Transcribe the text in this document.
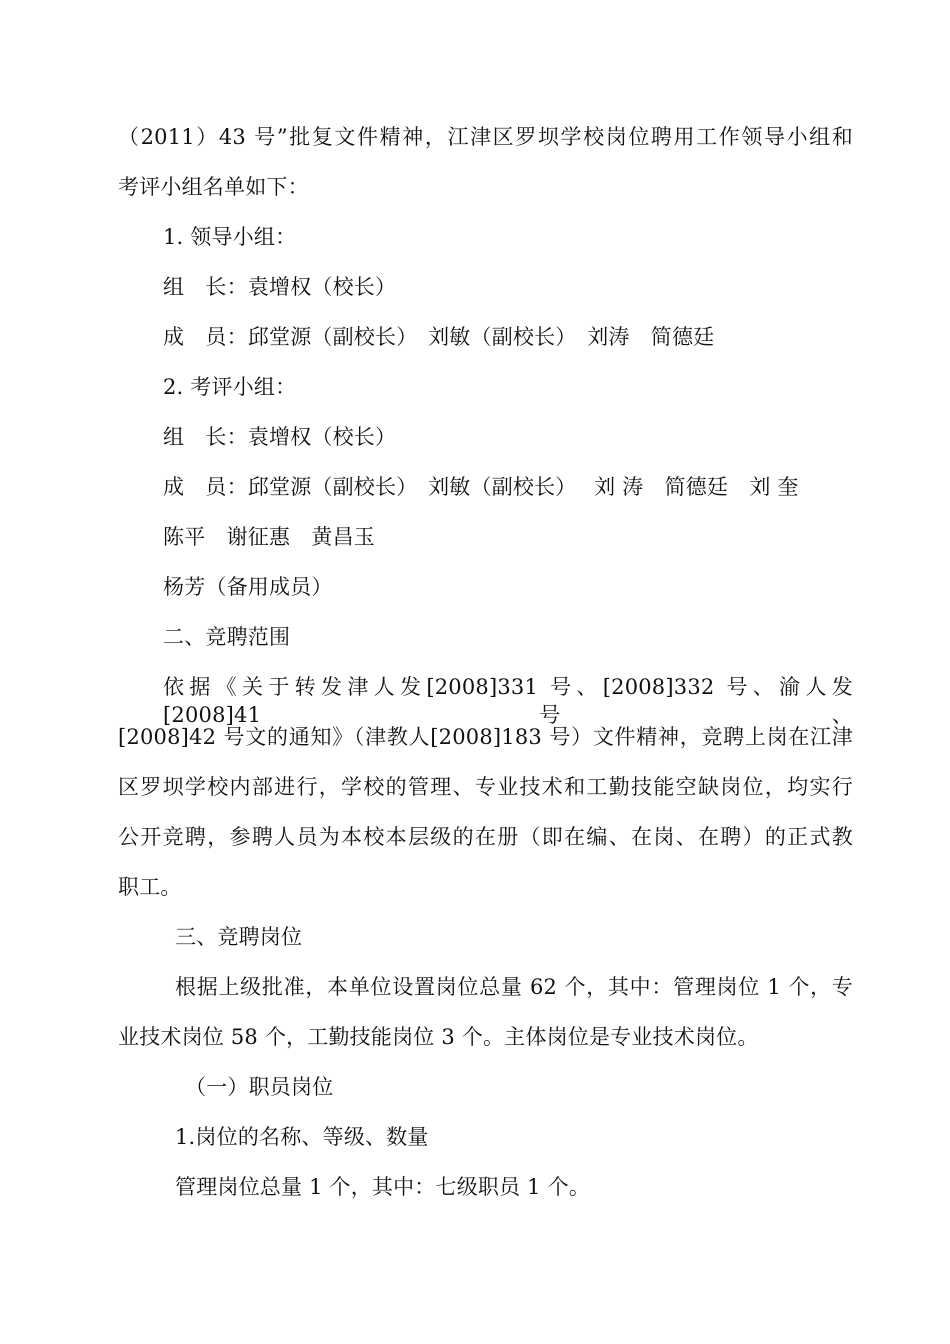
（2011）43 号”批复文件精神，江津区罗坝学校岗位聘用工作领导小组和
考评小组名单如下：
1. 领导小组：
组　长：袁增权（校长）
成　员：邱堂源（副校长）　刘敏（副校长）　刘涛　简德廷
2. 考评小组：
组　长：袁增权（校长）
成　员：邱堂源（副校长）　刘敏（副校长）　 刘 涛　简德廷　刘 奎
陈平　谢征惠　黄昌玉
杨芳（备用成员）
二、竞聘范围
依据《关于转发津人发[2008]331 号、[2008]332 号、渝人发[2008]41 号、
[2008]42 号文的通知》（津教人[2008]183 号）文件精神，竞聘上岗在江津
区罗坝学校内部进行，学校的管理、专业技术和工勤技能空缺岗位，均实行
公开竞聘，参聘人员为本校本层级的在册（即在编、在岗、在聘）的正式教
职工。
三、竞聘岗位
根据上级批准，本单位设置岗位总量 62 个，其中：管理岗位 1 个，专
业技术岗位 58 个，工勤技能岗位 3 个。主体岗位是专业技术岗位。
（一）职员岗位
1.岗位的名称、等级、数量
管理岗位总量 1 个，其中：七级职员 1 个。
